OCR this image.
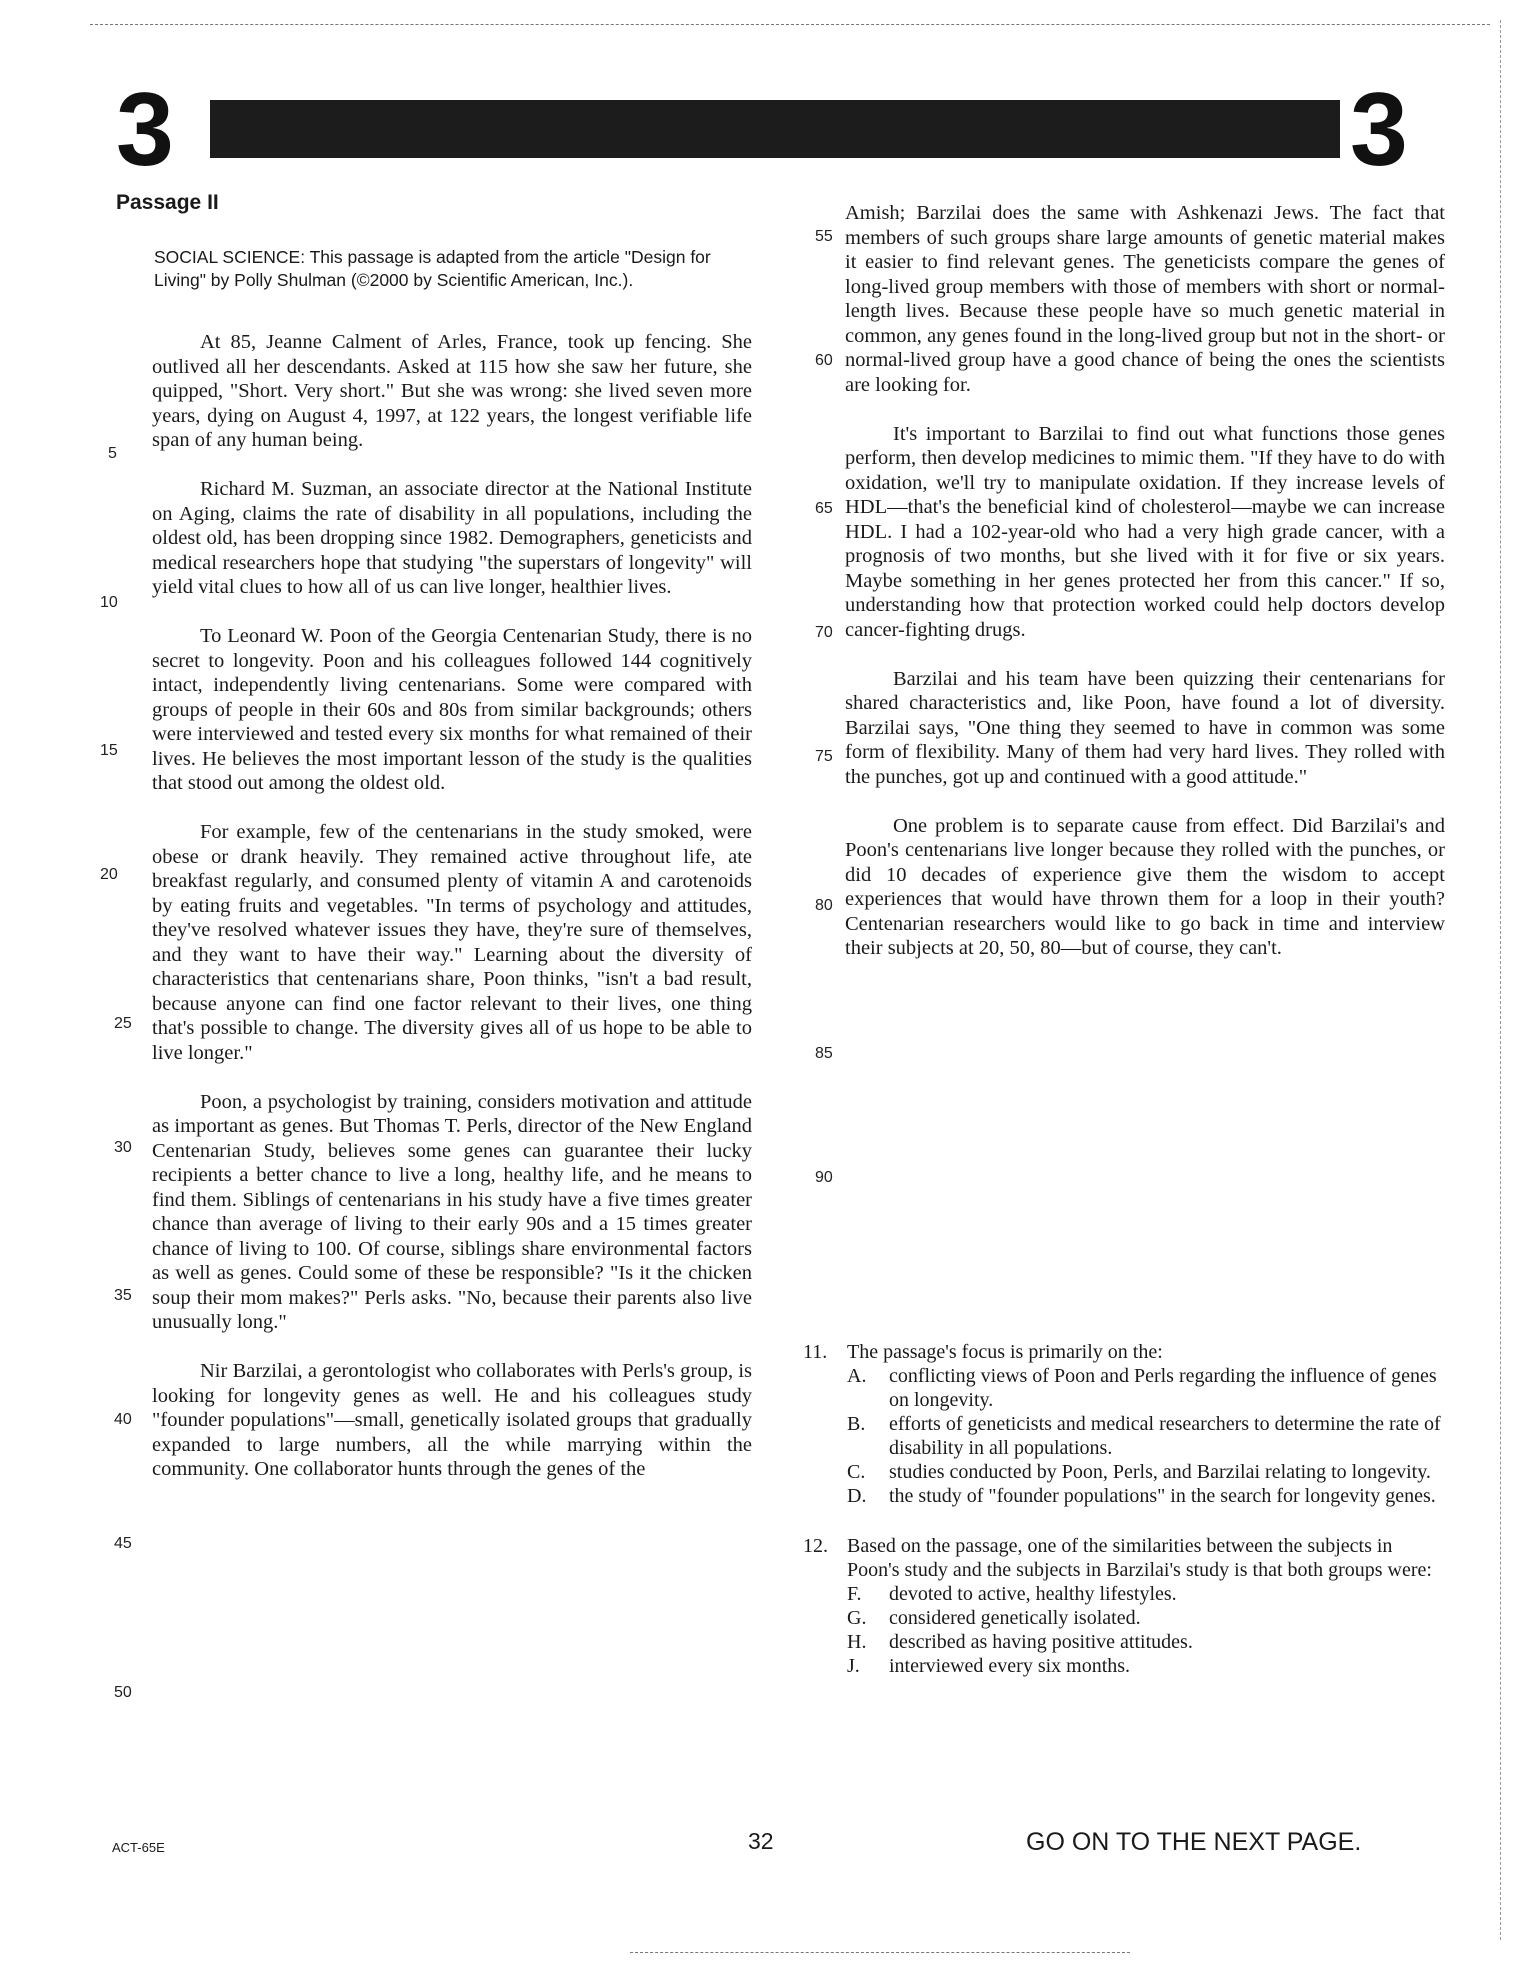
3	3
Passage II
SOCIAL SCIENCE: This passage is adapted from the article "Design for Living" by Polly Shulman (©2000 by Scientific American, Inc.).

At 85, Jeanne Calment of Arles, France, took up fencing. She outlived all her descendants. Asked at 115 how she saw her future, she quipped, "Short. Very short." But she was wrong: she lived seven more years, dying on August 4, 1997, at 122 years, the longest verifiable life span of any human being.

Richard M. Suzman, an associate director at the National Institute on Aging, claims the rate of disability in all populations, including the oldest old, has been dropping since 1982. Demographers, geneticists and medical researchers hope that studying "the superstars of longevity" will yield vital clues to how all of us can live longer, healthier lives.

To Leonard W. Poon of the Georgia Centenarian Study, there is no secret to longevity. Poon and his colleagues followed 144 cognitively intact, independently living centenarians. Some were compared with groups of people in their 60s and 80s from similar backgrounds; others were interviewed and tested every six months for what remained of their lives. He believes the most important lesson of the study is the qualities that stood out among the oldest old.

For example, few of the centenarians in the study smoked, were obese or drank heavily. They remained active throughout life, ate breakfast regularly, and consumed plenty of vitamin A and carotenoids by eating fruits and vegetables. "In terms of psychology and attitudes, they've resolved whatever issues they have, they're sure of themselves, and they want to have their way." Learning about the diversity of characteristics that centenarians share, Poon thinks, "isn't a bad result, because anyone can find one factor relevant to their lives, one thing that's possible to change. The diversity gives all of us hope to be able to live longer."

Poon, a psychologist by training, considers motivation and attitude as important as genes. But Thomas T. Perls, director of the New England Centenarian Study, believes some genes can guarantee their lucky recipients a better chance to live a long, healthy life, and he means to find them. Siblings of centenarians in his study have a five times greater chance than average of living to their early 90s and a 15 times greater chance of living to 100. Of course, siblings share environmental factors as well as genes. Could some of these be responsible? "Is it the chicken soup their mom makes?" Perls asks. "No, because their parents also live unusually long."

Nir Barzilai, a gerontologist who collaborates with Perls's group, is looking for longevity genes as well. He and his colleagues study "founder populations"—small, genetically isolated groups that gradually expanded to large numbers, all the while marrying within the community. One collaborator hunts through the genes of the

5
10
15
20
25
30
35
40
45
50

Amish; Barzilai does the same with Ashkenazi Jews. The fact that members of such groups share large amounts of genetic material makes it easier to find relevant genes. The geneticists compare the genes of long-lived group members with those of members with short or normal-length lives. Because these people have so much genetic material in common, any genes found in the long-lived group but not in the short- or normal-lived group have a good chance of being the ones the scientists are looking for.

It's important to Barzilai to find out what functions those genes perform, then develop medicines to mimic them. "If they have to do with oxidation, we'll try to manipulate oxidation. If they increase levels of HDL—that's the beneficial kind of cholesterol—maybe we can increase HDL. I had a 102-year-old who had a very high grade cancer, with a prognosis of two months, but she lived with it for five or six years. Maybe something in her genes protected her from this cancer." If so, understanding how that protection worked could help doctors develop cancer-fighting drugs.

Barzilai and his team have been quizzing their centenarians for shared characteristics and, like Poon, have found a lot of diversity. Barzilai says, "One thing they seemed to have in common was some form of flexibility. Many of them had very hard lives. They rolled with the punches, got up and continued with a good attitude."

One problem is to separate cause from effect. Did Barzilai's and Poon's centenarians live longer because they rolled with the punches, or did 10 decades of experience give them the wisdom to accept experiences that would have thrown them for a loop in their youth? Centenarian researchers would like to go back in time and interview their subjects at 20, 50, 80—but of course, they can't.

55
60
65
70
75
80
85
90
11. The passage's focus is primarily on the:
A.	conflicting views of Poon and Perls regarding the influence of genes on longevity.
B.	efforts of geneticists and medical researchers to determine the rate of disability in all populations.
C.	studies conducted by Poon, Perls, and Barzilai relating to longevity.
D.	the study of "founder populations" in the search for longevity genes.
12. Based on the passage, one of the similarities between the subjects in Poon's study and the subjects in Barzilai's study is that both groups were:
F.	devoted to active, healthy lifestyles.
G.	considered genetically isolated.
H.	described as having positive attitudes.
J.	interviewed every six months.
ACT-65E	32	GO ON TO THE NEXT PAGE.
